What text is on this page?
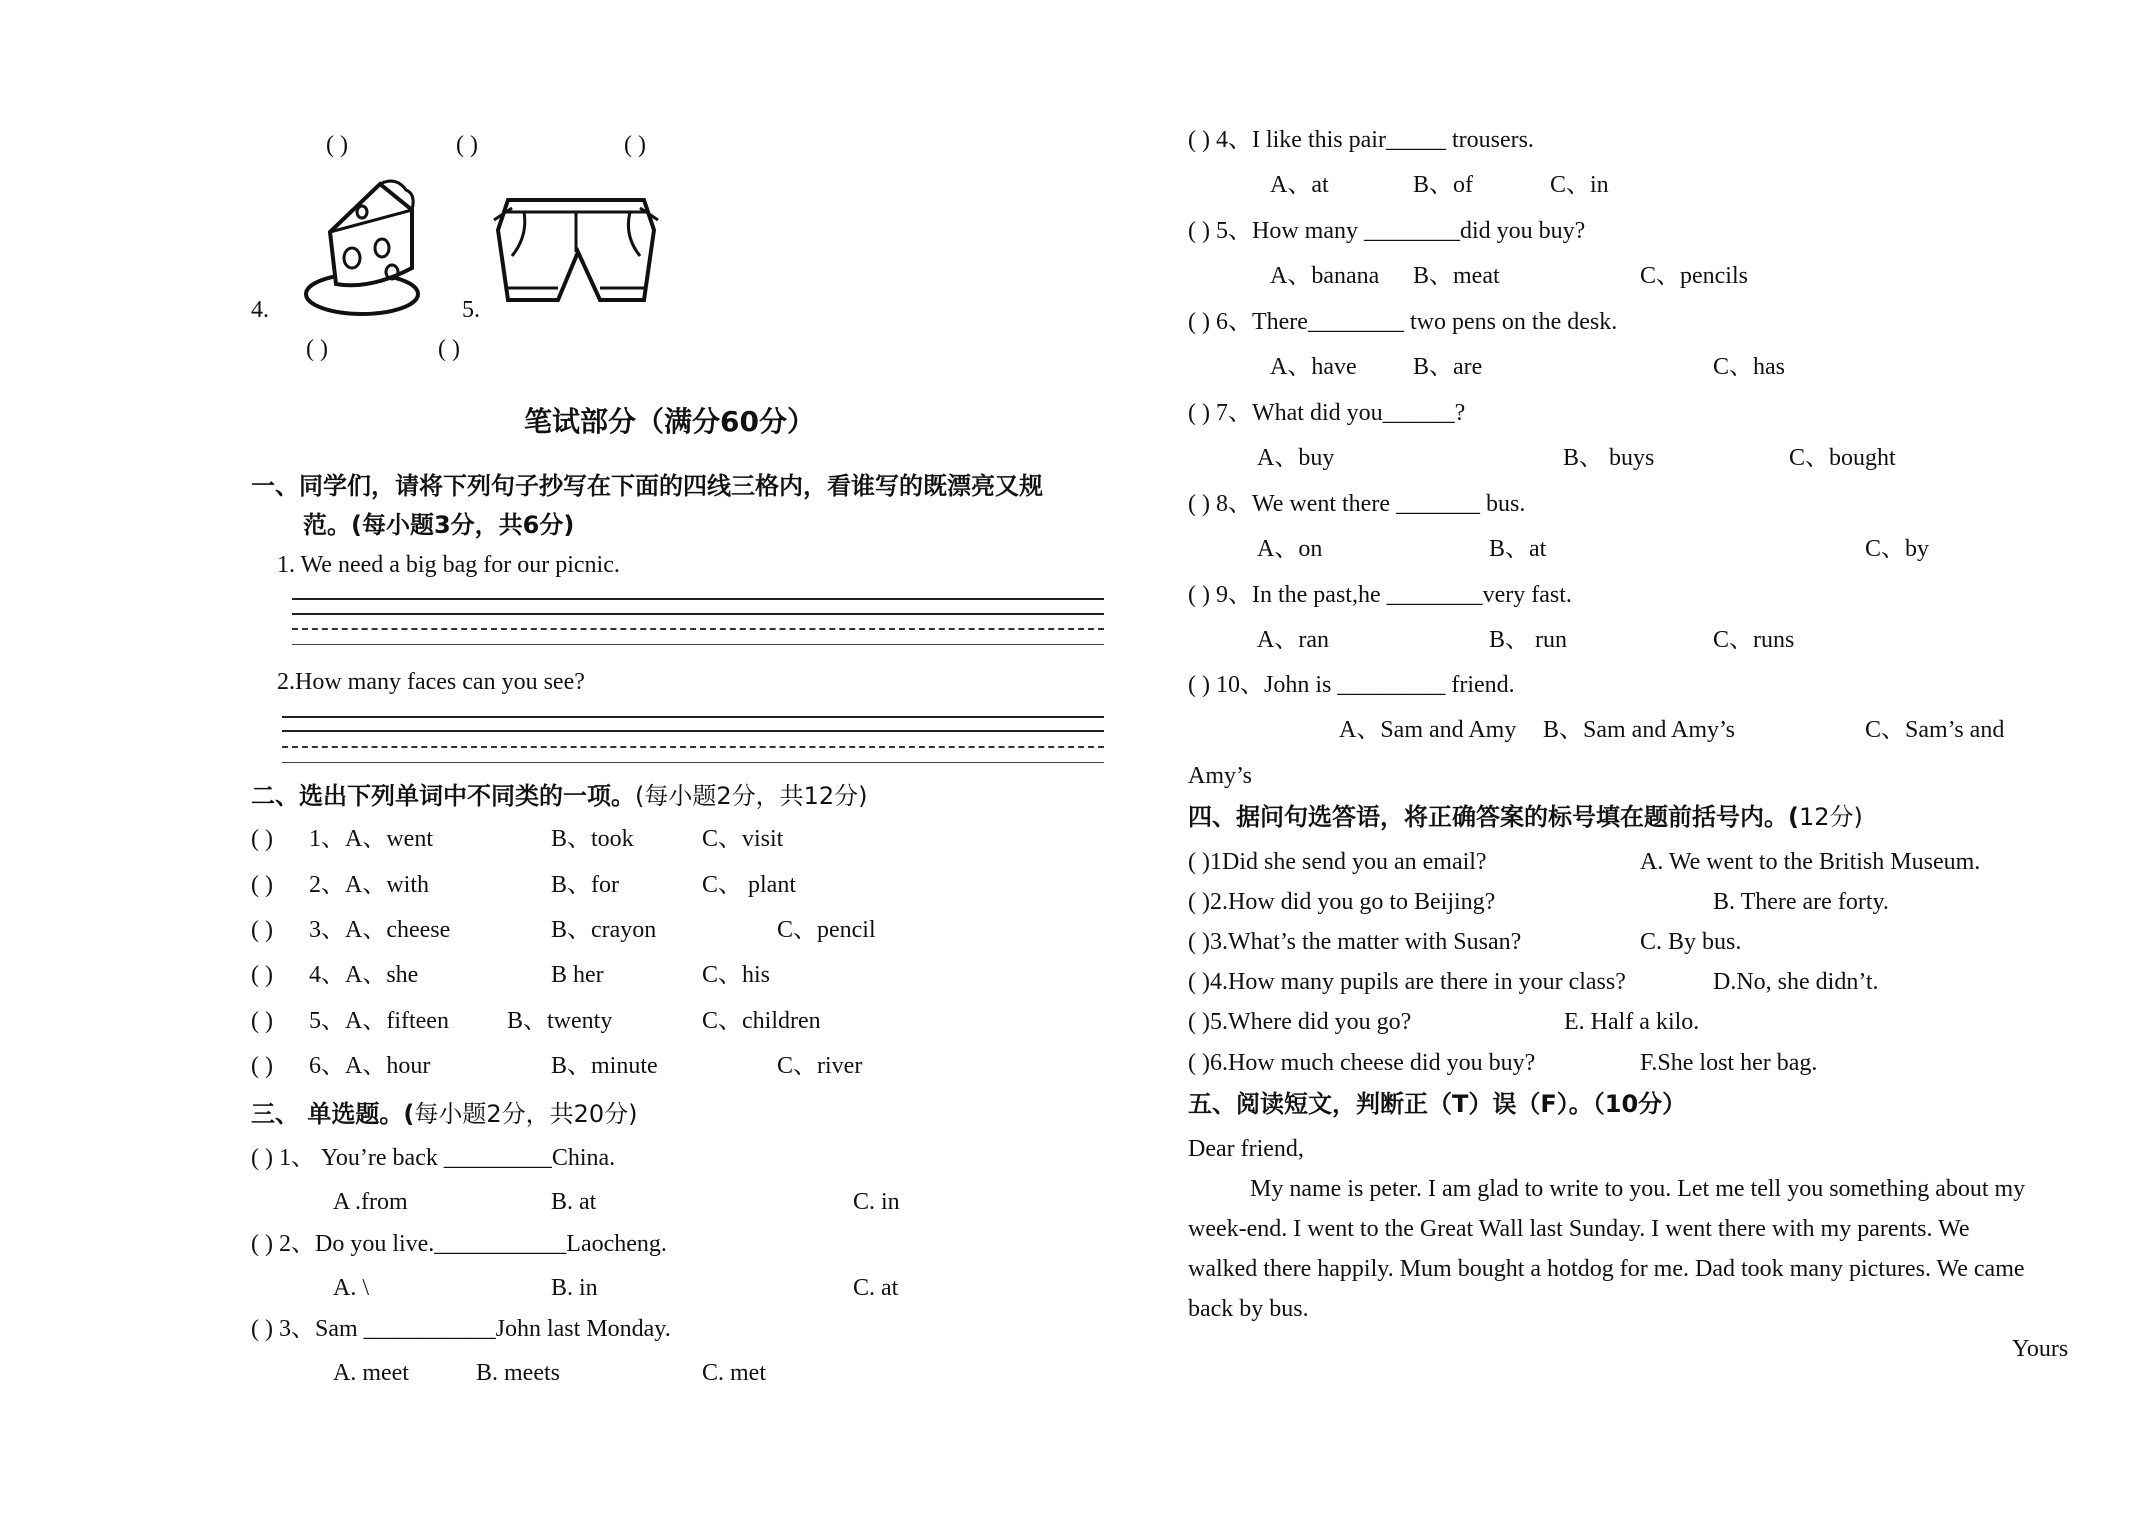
( )	( )	( )
4.	5.
( )	( )
笔试部分（满分60分）
一、同学们，请将下列句子抄写在下面的四线三格内，看谁写的既漂亮又规
范。(每小题3分，共6分)
1. We need a big bag for our picnic.
2.How many faces can you see?
二、选出下列单词中不同类的一项。(每小题2分，共12分)
( ) 1、A、went	B、took	C、visit
( ) 2、A、with	B、for	C、 plant
( ) 3、A、cheese	B、crayon	C、pencil
( ) 4、A、she	B her	C、his
( ) 5、A、fifteen B、twenty	C、children
( ) 6、A、hour	B、minute	C、river
三、 单选题。(每小题2分，共20分)
( ) 1、 You’re back _________China.
A .from	B. at	C. in
( ) 2、Do you live.___________Laocheng.
A. \	B. in	C. at
( ) 3、Sam ___________John last Monday.
A. meet	B. meets	C. met
( ) 4、I like this pair_____ trousers.
A、at	B、of	C、in
( ) 5、How many ________did you buy?
A、banana B、meat	C、pencils
( ) 6、There________ two pens on the desk.
A、have B、are	C、has
( ) 7、What did you______?
A、buy	B、 buys	C、bought
( ) 8、We went there _______ bus.
A、on	B、at	C、by
( ) 9、In the past,he ________very fast.
A、ran	B、 run	C、runs
( ) 10、John is _________ friend.
A、Sam and Amy B、Sam and Amy’s	C、Sam’s and
Amy’s
四、据问句选答语，将正确答案的标号填在题前括号内。(12分)
( )1Did she send you an email?	A. We went to the British Museum.
( )2.How did you go to Beijing?	B. There are forty.
( )3.What’s the matter with Susan?	C. By bus.
( )4.How many pupils are there in your class?	D.No, she didn’t.
( )5.Where did you go?	E. Half a kilo.
( )6.How much cheese did you buy?	F.She lost her bag.
五、阅读短文，判断正（T）误（F）。（10分）
Dear friend,
My name is peter. I am glad to write to you. Let me tell you something about my
week-end. I went to the Great Wall last Sunday. I went there with my parents. We
walked there happily. Mum bought a hotdog for me. Dad took many pictures. We came
back by bus.
Yours
